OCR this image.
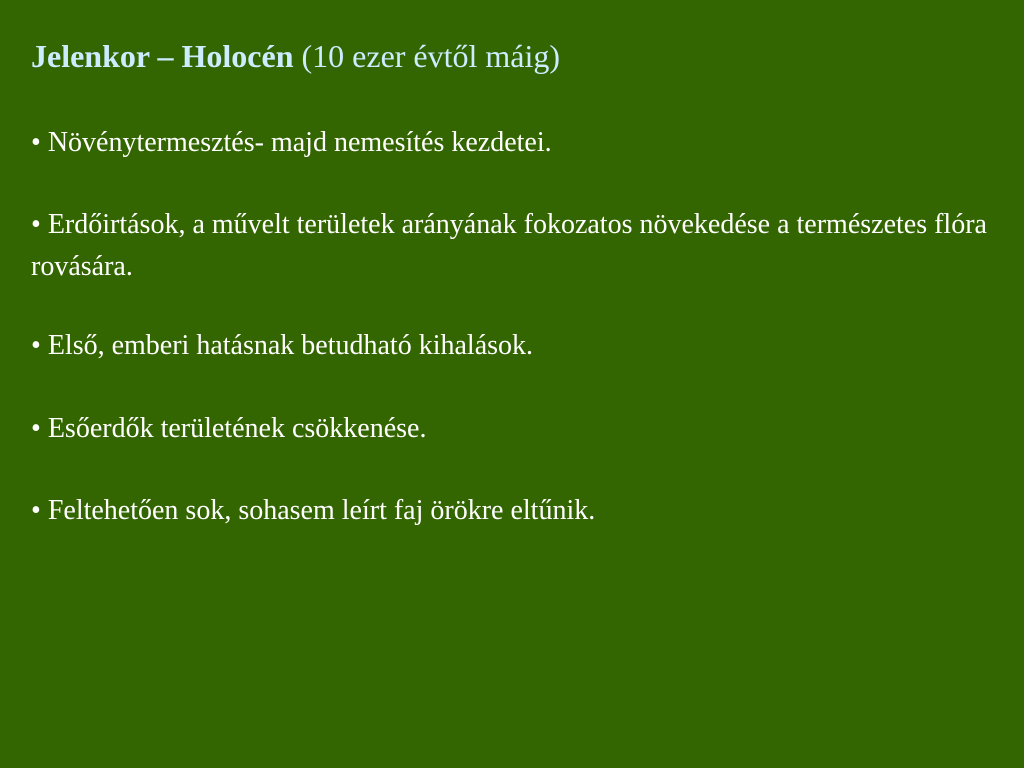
Jelenkor – Holocén (10 ezer évtől máig)
• Növénytermesztés- majd nemesítés kezdetei.
• Erdőirtások, a művelt területek arányának fokozatos növekedése a természetes flóra rovására.
• Első, emberi hatásnak betudható kihalások.
• Esőerdők területének csökkenése.
• Feltehetően sok, sohasem leírt faj örökre eltűnik.
